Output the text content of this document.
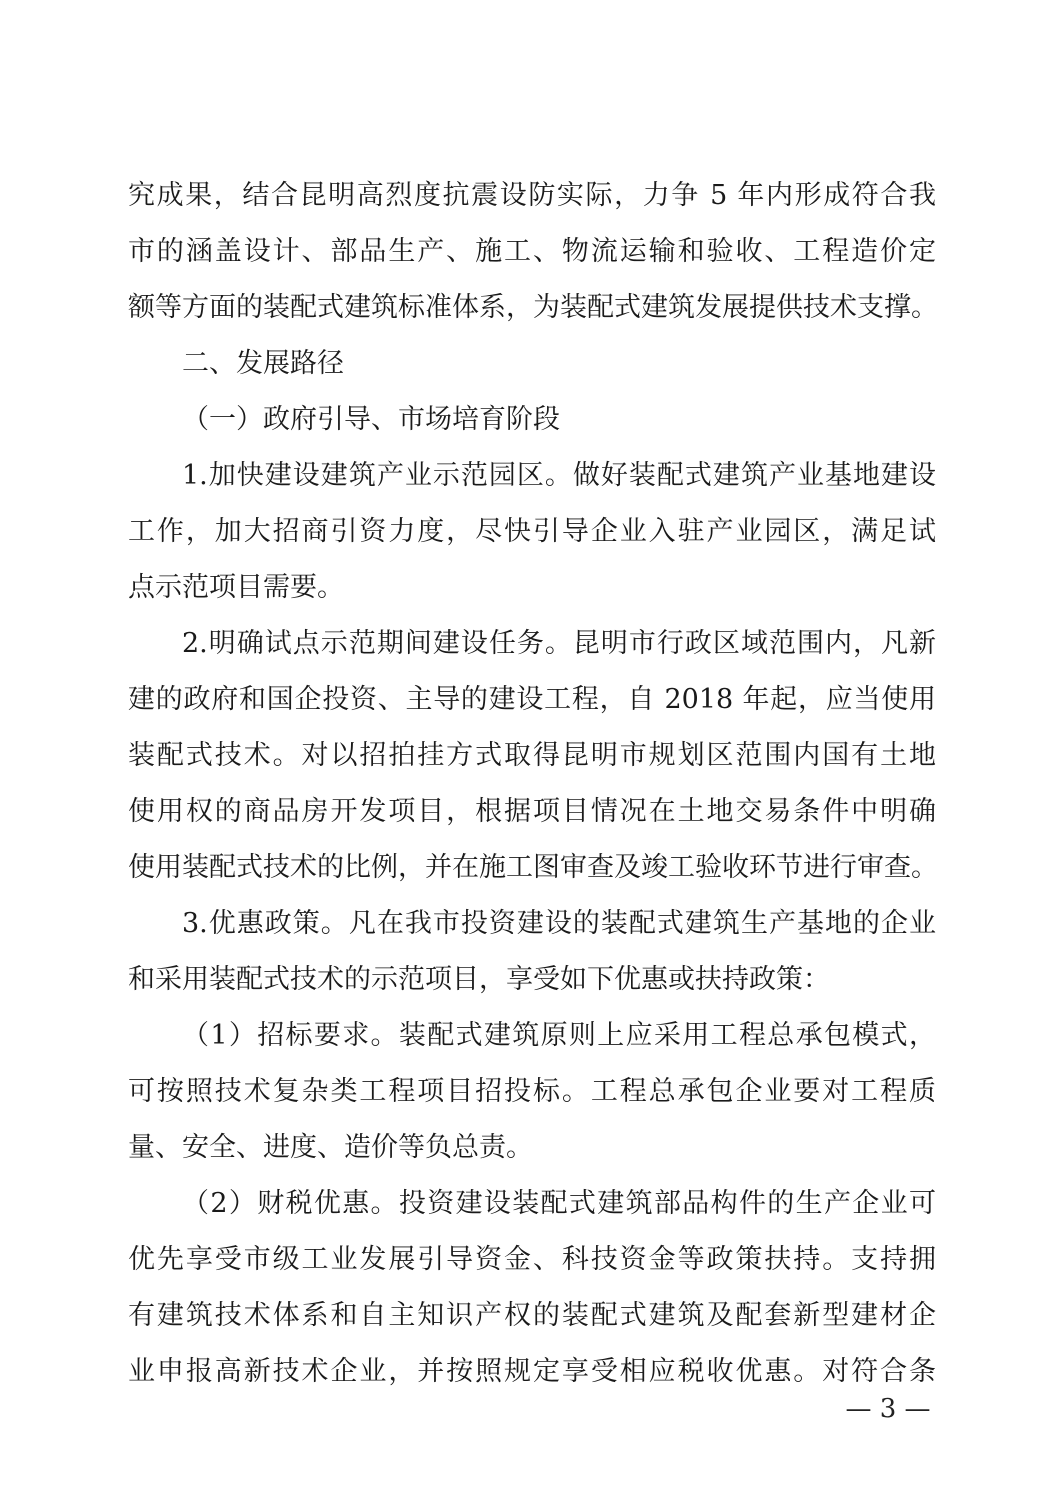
究成果，结合昆明高烈度抗震设防实际，力争 5 年内形成符合我
市的涵盖设计、部品生产、施工、物流运输和验收、工程造价定
额等方面的装配式建筑标准体系，为装配式建筑发展提供技术支撑。
二、发展路径
（一）政府引导、市场培育阶段
1.加快建设建筑产业示范园区。做好装配式建筑产业基地建设
工作，加大招商引资力度，尽快引导企业入驻产业园区，满足试
点示范项目需要。
2.明确试点示范期间建设任务。昆明市行政区域范围内，凡新
建的政府和国企投资、主导的建设工程，自 2018 年起，应当使用
装配式技术。对以招拍挂方式取得昆明市规划区范围内国有土地
使用权的商品房开发项目，根据项目情况在土地交易条件中明确
使用装配式技术的比例，并在施工图审查及竣工验收环节进行审查。
3.优惠政策。凡在我市投资建设的装配式建筑生产基地的企业
和采用装配式技术的示范项目，享受如下优惠或扶持政策：
（1）招标要求。装配式建筑原则上应采用工程总承包模式，
可按照技术复杂类工程项目招投标。工程总承包企业要对工程质
量、安全、进度、造价等负总责。
（2）财税优惠。投资建设装配式建筑部品构件的生产企业可
优先享受市级工业发展引导资金、科技资金等政策扶持。支持拥
有建筑技术体系和自主知识产权的装配式建筑及配套新型建材企
业申报高新技术企业，并按照规定享受相应税收优惠。对符合条
— 3 —
